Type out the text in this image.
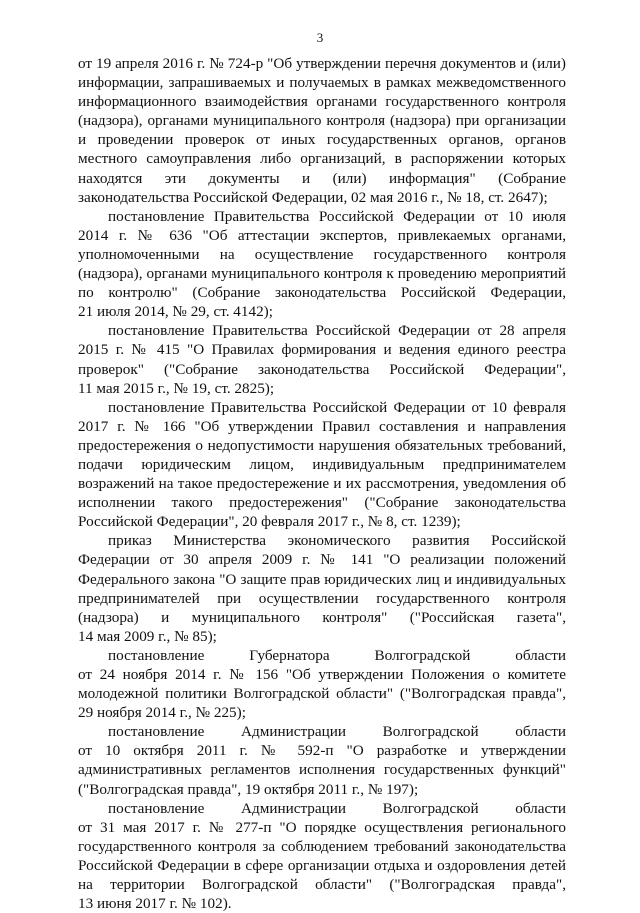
3
от 19 апреля 2016 г. № 724-р "Об утверждении перечня документов и (или)
информации, запрашиваемых и получаемых в рамках межведомственного
информационного взаимодействия органами государственного контроля
(надзора), органами муниципального контроля (надзора) при организации
и проведении проверок от иных государственных органов, органов
местного самоуправления либо организаций, в распоряжении которых
находятся эти документы и (или) информация" (Собрание
законодательства Российской Федерации, 02 мая 2016 г., № 18, ст. 2647);
постановление Правительства Российской Федерации от 10 июля
2014 г. № 636 "Об аттестации экспертов, привлекаемых органами,
уполномоченными на осуществление государственного контроля
(надзора), органами муниципального контроля к проведению мероприятий
по контролю" (Собрание законодательства Российской Федерации,
21 июля 2014, № 29, ст. 4142);
постановление Правительства Российской Федерации от 28 апреля
2015 г. № 415 "О Правилах формирования и ведения единого реестра
проверок" ("Собрание законодательства Российской Федерации",
11 мая 2015 г., № 19, ст. 2825);
постановление Правительства Российской Федерации от 10 февраля
2017 г. № 166 "Об утверждении Правил составления и направления
предостережения о недопустимости нарушения обязательных требований,
подачи юридическим лицом, индивидуальным предпринимателем
возражений на такое предостережение и их рассмотрения, уведомления об
исполнении такого предостережения" ("Собрание законодательства
Российской Федерации", 20 февраля 2017 г., № 8, ст. 1239);
приказ Министерства экономического развития Российской
Федерации от 30 апреля 2009 г. № 141 "О реализации положений
Федерального закона "О защите прав юридических лиц и индивидуальных
предпринимателей при осуществлении государственного контроля
(надзора) и муниципального контроля" ("Российская газета",
14 мая 2009 г., № 85);
постановление Губернатора Волгоградской области
от 24 ноября 2014 г. № 156 "Об утверждении Положения о комитете
молодежной политики Волгоградской области" ("Волгоградская правда",
29 ноября 2014 г., № 225);
постановление Администрации Волгоградской области
от 10 октября 2011 г. № 592-п "О разработке и утверждении
административных регламентов исполнения государственных функций"
("Волгоградская правда", 19 октября 2011 г., № 197);
постановление Администрации Волгоградской области
от 31 мая 2017 г. № 277-п "О порядке осуществления регионального
государственного контроля за соблюдением требований законодательства
Российской Федерации в сфере организации отдыха и оздоровления детей
на территории Волгоградской области" ("Волгоградская правда",
13 июня 2017 г. № 102).
